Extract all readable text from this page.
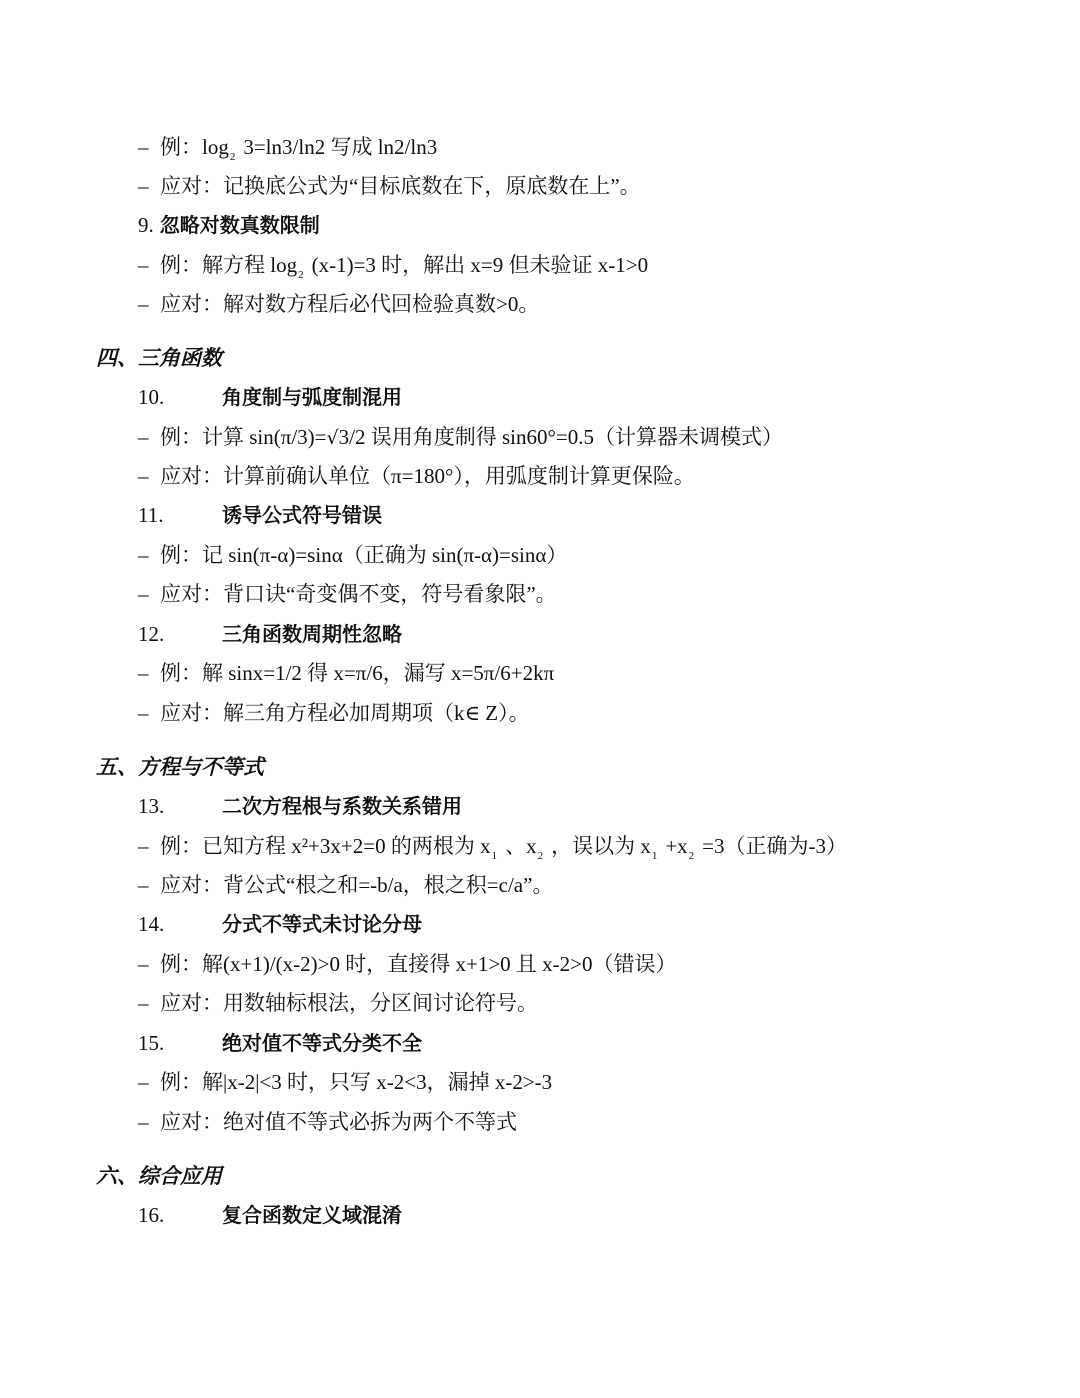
– 例：$\log_2 3=\ln 3/\ln 2$ 写成 ln2/ln3
– 应对：记换底公式为“目标底数在下，原底数在上”。
9. 忽略对数真数限制
– 例：解方程 $\log_2 (x-1)=3$ 时，解出 x=9 但未验证 x-1>0
– 应对：解对数方程后必代回检验真数>0。
四、三角函数
10.	角度制与弧度制混用
– 例：计算 sin(π/3)=√3/2 误用角度制得 sin60°=0.5（计算器未调模式）
– 应对：计算前确认单位（π=180°），用弧度制计算更保险。
11.	诱导公式符号错误
– 例：记 sin(π-α)=sinα（正确为 sin(π-α)=sinα）
– 应对：背口诀“奇变偶不变，符号看象限”。
12.	三角函数周期性忽略
– 例：解 sinx=1/2 得 x=π/6，漏写 x=5π/6+2kπ
– 应对：解三角方程必加周期项（k∈ Z）。
五、方程与不等式
13.	二次方程根与系数关系错用
– 例：已知方程 x²+3x+2=0 的两根为 $x_1$ 、$x_2$ ，误以为 $x_1 +x_2 =3$（正确为-3）
– 应对：背公式“根之和=-b/a，根之积=c/a”。
14.	分式不等式未讨论分母
– 例：解(x+1)/(x-2)>0 时，直接得 x+1>0 且 x-2>0（错误）
– 应对：用数轴标根法，分区间讨论符号。
15.	绝对值不等式分类不全
– 例：解|x-2|<3 时，只写 x-2<3，漏掉 x-2>-3
– 应对：绝对值不等式必拆为两个不等式
六、综合应用
16.	复合函数定义域混淆
